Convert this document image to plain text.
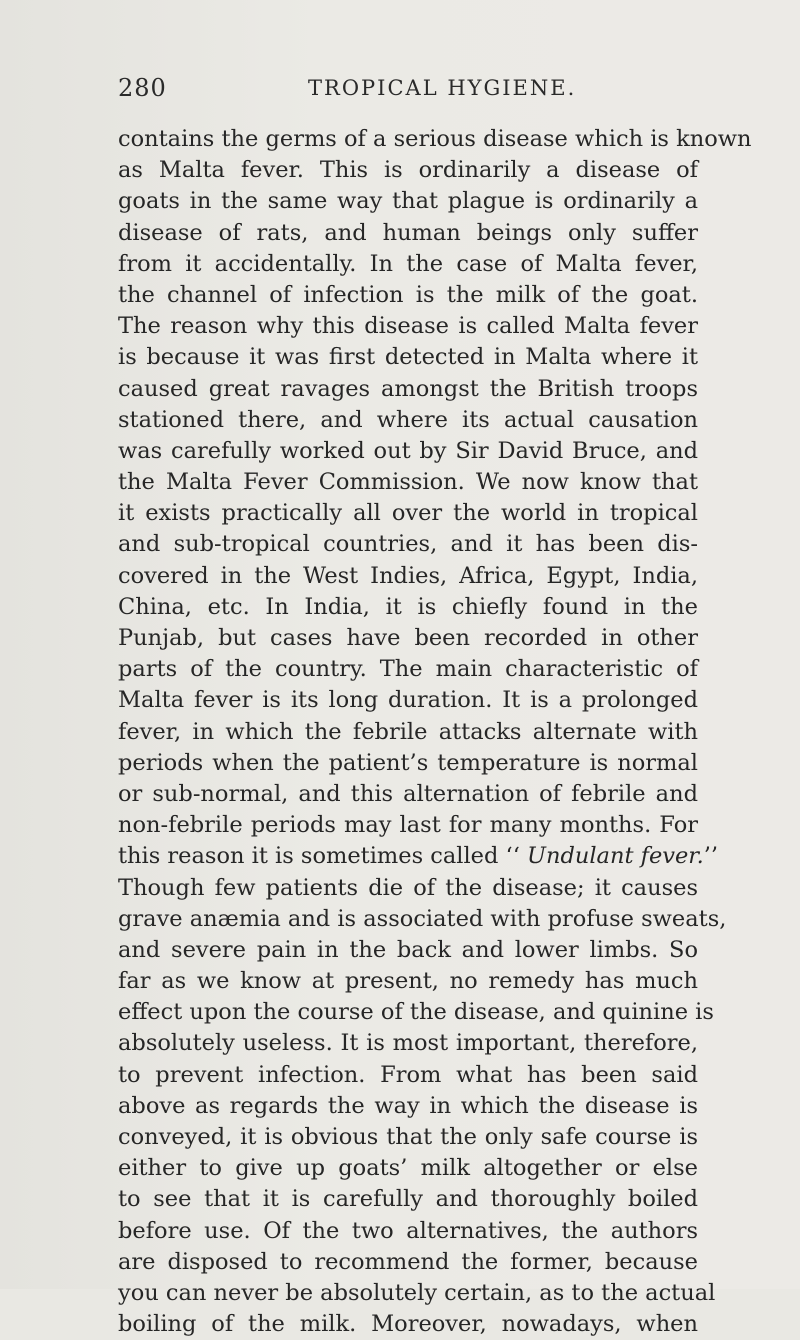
280	TROPICAL HYGIENE.
contains the germs of a serious disease which is known
as Malta fever. This is ordinarily a disease of
goats in the same way that plague is ordinarily a
disease of rats, and human beings only suffer
from it accidentally. In the case of Malta fever,
the channel of infection is the milk of the goat.
The reason why this disease is called Malta fever
is because it was first detected in Malta where it
caused great ravages amongst the British troops
stationed there, and where its actual causation
was carefully worked out by Sir David Bruce, and
the Malta Fever Commission. We now know that
it exists practically all over the world in tropical
and sub-tropical countries, and it has been dis-
covered in the West Indies, Africa, Egypt, India,
China, etc. In India, it is chiefly found in the
Punjab, but cases have been recorded in other
parts of the country. The main characteristic of
Malta fever is its long duration. It is a prolonged
fever, in which the febrile attacks alternate with
periods when the patient’s temperature is normal
or sub-normal, and this alternation of febrile and
non-febrile periods may last for many months. For
this reason it is sometimes called ‘‘ Undulant fever.’’
Though few patients die of the disease; it causes
grave anæmia and is associated with profuse sweats,
and severe pain in the back and lower limbs. So
far as we know at present, no remedy has much
effect upon the course of the disease, and quinine is
absolutely useless. It is most important, therefore,
to prevent infection. From what has been said
above as regards the way in which the disease is
conveyed, it is obvious that the only safe course is
either to give up goats’ milk altogether or else
to see that it is carefully and thoroughly boiled
before use. Of the two alternatives, the authors
are disposed to recommend the former, because
you can never be absolutely certain, as to the actual
boiling of the milk. Moreover, nowadays, when
